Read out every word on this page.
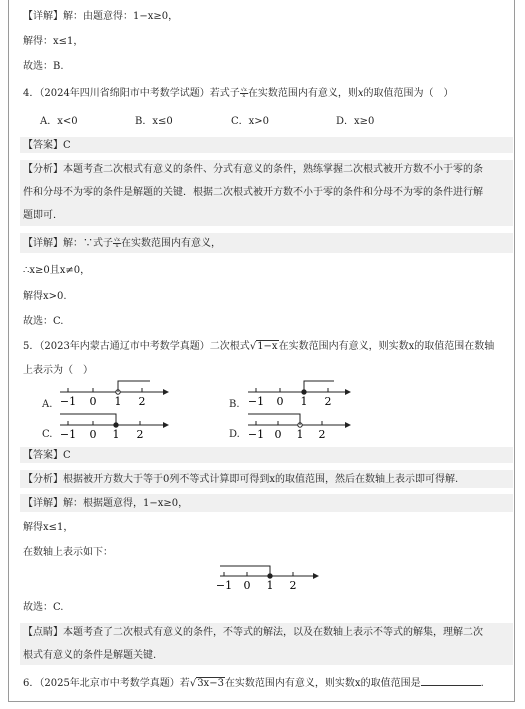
【详解】解：由题意得：1−x≥0，
解得：x≤1，
故选：B.
4．（2024年四川省绵阳市中考数学试题）若式子 $\frac{√x}{x}$ 在实数范围内有意义，则x的取值范围为（　）
A．x<0	B．x≤0	C．x>0	D．x≥0
【答案】C
【分析】本题考查二次根式有意义的条件、分式有意义的条件，熟练掌握二次根式被开方数不小于零的条
件和分母不为零的条件是解题的关键．根据二次根式被开方数不小于零的条件和分母不为零的条件进行解
题即可．
【详解】解：∵式子 $\frac{√x}{x}$ 在实数范围内有意义，
∴x≥0且x≠0，
解得x>0.
故选：C.
5．（2023年内蒙古通辽市中考数学真题）二次根式√1−x在实数范围内有意义，则实数x的取值范围在数轴
上表示为（　）
A.	B.
C.	D.
−1 0 1 2	−1 0 1 2
−1 0 1 2	−1 0 1 2
−1 0 1 2
【答案】C
【分析】根据被开方数大于等于0列不等式计算即可得到x的取值范围，然后在数轴上表示即可得解.
【详解】解：根据题意得，1−x≥0，
解得x≤1，
在数轴上表示如下：
故选：C.
【点睛】本题考查了二次根式有意义的条件，不等式的解法，以及在数轴上表示不等式的解集，理解二次
根式有意义的条件是解题关键.
6．（2025年北京市中考数学真题）若√3x−3在实数范围内有意义，则实数x的取值范围是	.
